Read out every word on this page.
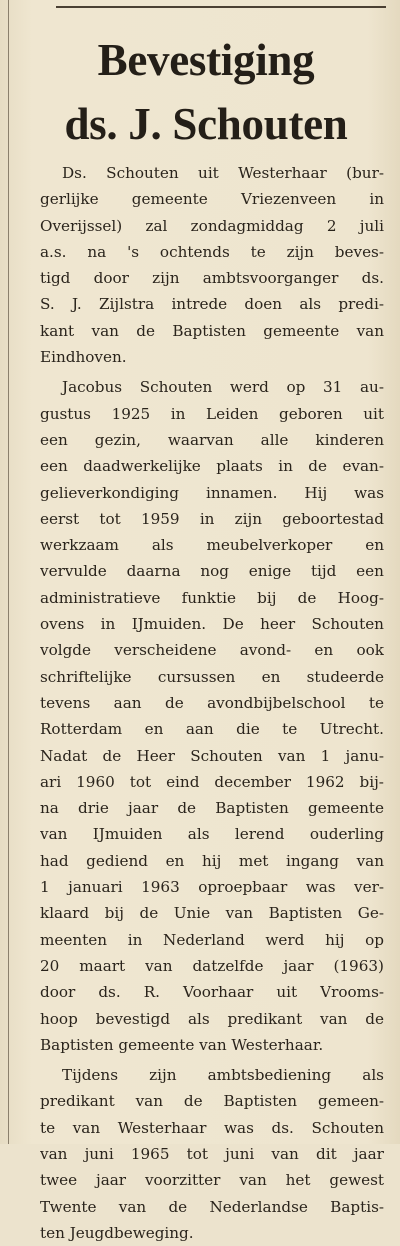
Bevestiging
ds. J. Schouten
Ds. Schouten uit Westerhaar (bur-
gerlijke gemeente Vriezenveen in
Overijssel) zal zondagmiddag 2 juli
a.s. na 's ochtends te zijn beves-
tigd door zijn ambtsvoorganger ds.
S. J. Zijlstra intrede doen als predi-
kant van de Baptisten gemeente van
Eindhoven.
Jacobus Schouten werd op 31 au-
gustus 1925 in Leiden geboren uit
een gezin, waarvan alle kinderen
een daadwerkelijke plaats in de evan-
gelieverkondiging innamen. Hij was
eerst tot 1959 in zijn geboortestad
werkzaam als meubelverkoper en
vervulde daarna nog enige tijd een
administratieve funktie bij de Hoog-
ovens in IJmuiden. De heer Schouten
volgde verscheidene avond- en ook
schriftelijke cursussen en studeerde
tevens aan de avondbijbelschool te
Rotterdam en aan die te Utrecht.
Nadat de Heer Schouten van 1 janu-
ari 1960 tot eind december 1962 bij-
na drie jaar de Baptisten gemeente
van IJmuiden als lerend ouderling
had gediend en hij met ingang van
1 januari 1963 oproepbaar was ver-
klaard bij de Unie van Baptisten Ge-
meenten in Nederland werd hij op
20 maart van datzelfde jaar (1963)
door ds. R. Voorhaar uit Vrooms-
hoop bevestigd als predikant van de
Baptisten gemeente van Westerhaar.
Tijdens zijn ambtsbediening als
predikant van de Baptisten gemeen-
te van Westerhaar was ds. Schouten
van juni 1965 tot juni van dit jaar
twee jaar voorzitter van het gewest
Twente van de Nederlandse Baptis-
ten Jeugdbeweging.
